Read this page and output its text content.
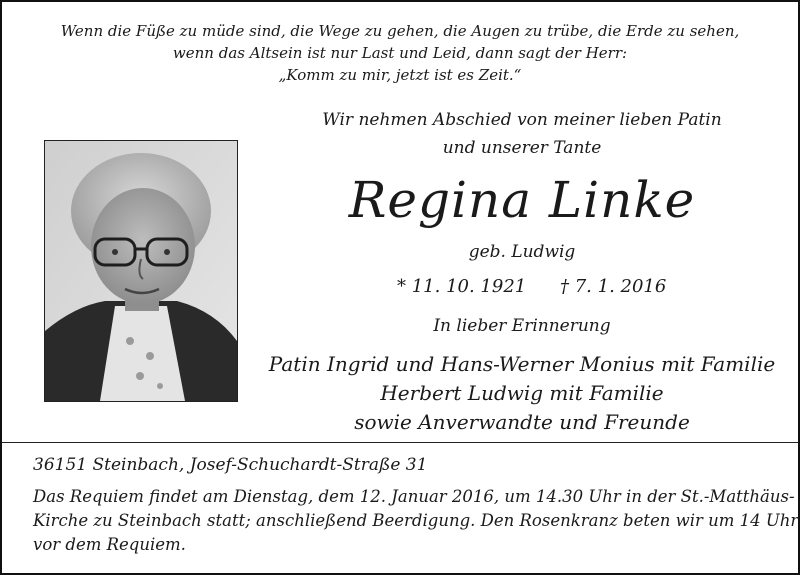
Wenn die Füße zu müde sind, die Wege zu gehen, die Augen zu trübe, die Erde zu sehen,
wenn das Altsein ist nur Last und Leid, dann sagt der Herr:
„Komm zu mir, jetzt ist es Zeit.“
Wir nehmen Abschied von meiner lieben Patin
und unserer Tante
Regina Linke
geb. Ludwig
* 11. 10. 1921 † 7. 1. 2016
In lieber Erinnerung
Patin Ingrid und Hans-Werner Monius mit Familie
Herbert Ludwig mit Familie
sowie Anverwandte und Freunde
36151 Steinbach, Josef-Schuchardt-Straße 31
Das Requiem findet am Dienstag, dem 12. Januar 2016, um 14.30 Uhr in der St.-Matthäus-
Kirche zu Steinbach statt; anschließend Beerdigung. Den Rosenkranz beten wir um 14 Uhr
vor dem Requiem.
